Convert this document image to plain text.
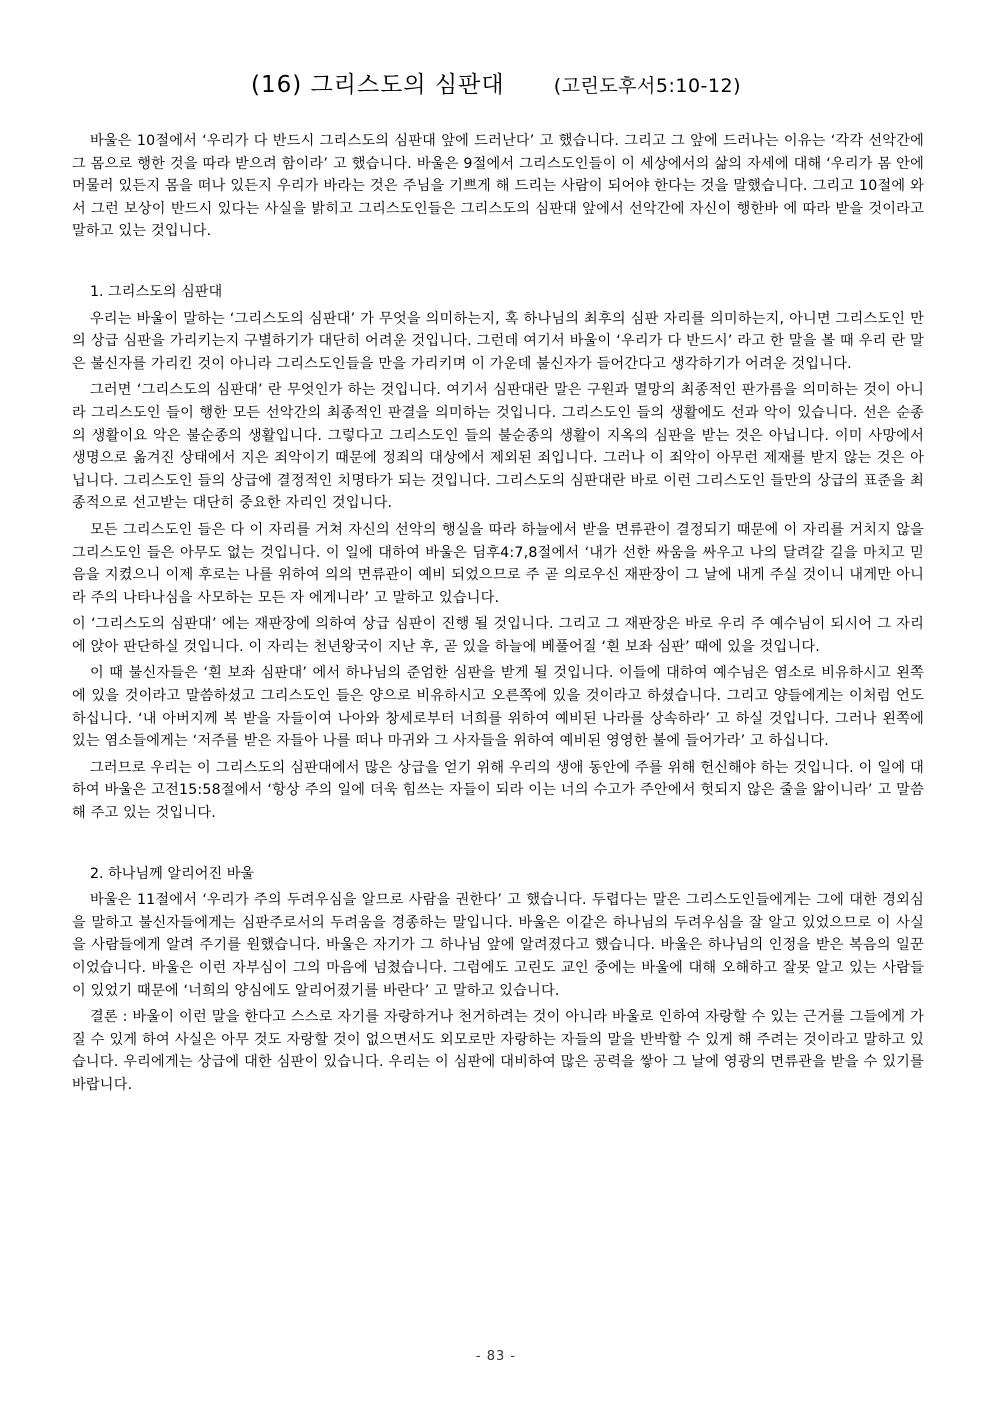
(16) 그리스도의 심판대	(고린도후서5:10-12)

바울은 10절에서 ‘우리가 다 반드시 그리스도의 심판대 앞에 드러난다’ 고 했습니다. 그리고 그 앞에 드러나는 이유는 ‘각각 선악간에 그 몸으로 행한 것을 따라 받으려 함이라’ 고 했습니다. 바울은 9절에서 그리스도인들이 이 세상에서의 삶의 자세에 대해 ‘우리가 몸 안에 머물러 있든지 몸을 떠나 있든지 우리가 바라는 것은 주님을 기쁘게 해 드리는 사람이 되어야 한다는 것을 말했습니다. 그리고 10절에 와서 그런 보상이 반드시 있다는 사실을 밝히고 그리스도인들은 그리스도의 심판대 앞에서 선악간에 자신이 행한바 에 따라 받을 것이라고 말하고 있는 것입니다.

1. 그리스도의 심판대

우리는 바울이 말하는 ‘그리스도의 심판대’ 가 무엇을 의미하는지, 혹 하나님의 최후의 심판 자리를 의미하는지, 아니면 그리스도인 만의 상급 심판을 가리키는지 구별하기가 대단히 어려운 것입니다. 그런데 여기서 바울이 ‘우리가 다 반드시’ 라고 한 말을 볼 때 우리 란 말은 불신자를 가리킨 것이 아니라 그리스도인들을 만을 가리키며 이 가운데 불신자가 들어간다고 생각하기가 어려운 것입니다.

그러면 ‘그리스도의 심판대’ 란 무엇인가 하는 것입니다. 여기서 심판대란 말은 구원과 멸망의 최종적인 판가름을 의미하는 것이 아니라 그리스도인 들이 행한 모든 선악간의 최종적인 판결을 의미하는 것입니다. 그리스도인 들의 생활에도 선과 악이 있습니다. 선은 순종의 생활이요 악은 불순종의 생활입니다. 그렇다고 그리스도인 들의 불순종의 생활이 지옥의 심판을 받는 것은 아닙니다. 이미 사망에서 생명으로 옮겨진 상태에서 지은 죄악이기 때문에 정죄의 대상에서 제외된 죄입니다. 그러나 이 죄악이 아무런 제재를 받지 않는 것은 아닙니다. 그리스도인 들의 상급에 결정적인 치명타가 되는 것입니다. 그리스도의 심판대란 바로 이런 그리스도인 들만의 상급의 표준을 최종적으로 선고받는 대단히 중요한 자리인 것입니다.

모든 그리스도인 들은 다 이 자리를 거쳐 자신의 선악의 행실을 따라 하늘에서 받을 면류관이 결정되기 때문에 이 자리를 거치지 않을 그리스도인 들은 아무도 없는 것입니다. 이 일에 대하여 바울은 딤후4:7,8절에서 ‘내가 선한 싸움을 싸우고 나의 달려갈 길을 마치고 믿음을 지켰으니 이제 후로는 나를 위하여 의의 면류관이 예비 되었으므로 주 곧 의로우신 재판장이 그 날에 내게 주실 것이니 내게만 아니라 주의 나타나심을 사모하는 모든 자 에게니라’ 고 말하고 있습니다.

이 ‘그리스도의 심판대’ 에는 재판장에 의하여 상급 심판이 진행 될 것입니다. 그리고 그 재판장은 바로 우리 주 예수님이 되시어 그 자리에 앉아 판단하실 것입니다. 이 자리는 천년왕국이 지난 후, 곧 있을 하늘에 베풀어질 ‘흰 보좌 심판’ 때에 있을 것입니다.

이 때 불신자들은 ‘흰 보좌 심판대’ 에서 하나님의 준엄한 심판을 받게 될 것입니다. 이들에 대하여 예수님은 염소로 비유하시고 왼쪽에 있을 것이라고 말씀하셨고 그리스도인 들은 양으로 비유하시고 오른쪽에 있을 것이라고 하셨습니다. 그리고 양들에게는 이처럼 언도하십니다. ‘내 아버지께 복 받을 자들이여 나아와 창세로부터 너희를 위하여 예비된 나라를 상속하라’ 고 하실 것입니다. 그러나 왼쪽에 있는 염소들에게는 ‘저주를 받은 자들아 나를 떠나 마귀와 그 사자들을 위하여 예비된 영영한 불에 들어가라’ 고 하십니다.

그러므로 우리는 이 그리스도의 심판대에서 많은 상급을 얻기 위해 우리의 생애 동안에 주를 위해 헌신해야 하는 것입니다. 이 일에 대하여 바울은 고전15:58절에서 ‘항상 주의 일에 더욱 힘쓰는 자들이 되라 이는 너의 수고가 주안에서 헛되지 않은 줄을 앎이니라’ 고 말씀해 주고 있는 것입니다.

2. 하나님께 알리어진 바울

바울은 11절에서 ‘우리가 주의 두려우심을 알므로 사람을 권한다’ 고 했습니다. 두렵다는 말은 그리스도인들에게는 그에 대한 경외심을 말하고 불신자들에게는 심판주로서의 두려움을 경종하는 말입니다. 바울은 이같은 하나님의 두려우심을 잘 알고 있었으므로 이 사실을 사람들에게 알려 주기를 원했습니다. 바울은 자기가 그 하나님 앞에 알려졌다고 했습니다. 바울은 하나님의 인정을 받은 복음의 일꾼이었습니다. 바울은 이런 자부심이 그의 마음에 넘쳤습니다. 그럼에도 고린도 교인 중에는 바울에 대해 오해하고 잘못 알고 있는 사람들이 있었기 때문에 ‘너희의 양심에도 알리어졌기를 바란다’ 고 말하고 있습니다.

결론 : 바울이 이런 말을 한다고 스스로 자기를 자랑하거나 천거하려는 것이 아니라 바울로 인하여 자랑할 수 있는 근거를 그들에게 가질 수 있게 하여 사실은 아무 것도 자랑할 것이 없으면서도 외모로만 자랑하는 자들의 말을 반박할 수 있게 해 주려는 것이라고 말하고 있습니다. 우리에게는 상급에 대한 심판이 있습니다. 우리는 이 심판에 대비하여 많은 공력을 쌓아 그 날에 영광의 면류관을 받을 수 있기를 바랍니다.

- 83 -
